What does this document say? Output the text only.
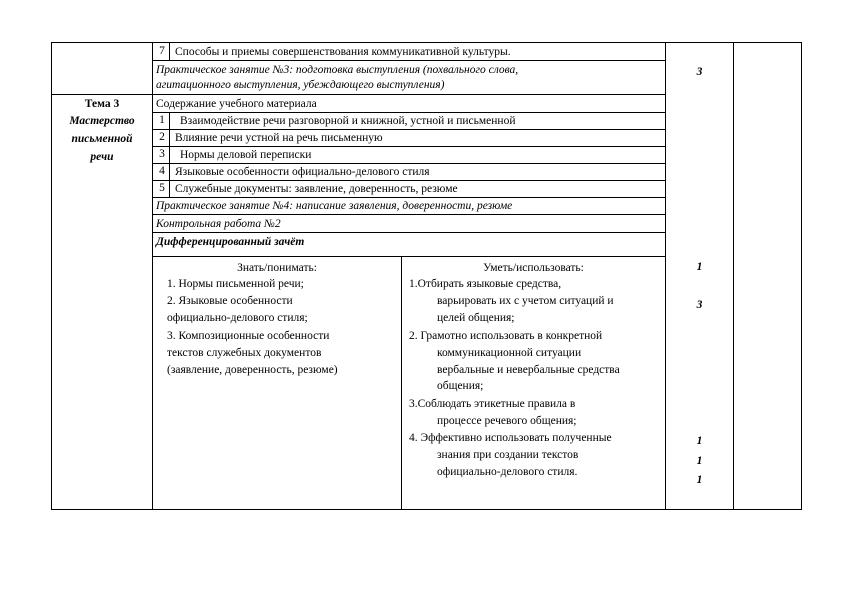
7 Способы и приемы совершенствования коммуникативной культуры.
Практическое занятие №3: подготовка выступления (похвального слова,
агитационного выступления, убеждающего выступления)
3
Тема 3
Мастерство
письменной
речи
Содержание учебного материала
1	Взаимодействие речи разговорной и книжной, устной и письменной
2 Влияние речи устной на речь письменную
3	Нормы деловой переписки
4 Языковые особенности официально-делового стиля
5 Служебные документы: заявление, доверенность, резюме
Практическое занятие №4: написание заявления, доверенности, резюме
Контрольная работа №2
Дифференцированный зачёт
Знать/понимать:
1. Нормы письменной речи;
2. Языковые особенности
официально-делового стиля;
3. Композиционные особенности
текстов служебных документов
(заявление, доверенность, резюме)
Уметь/использовать:
1.Отбирать языковые средства,
варьировать их с учетом ситуаций и
целей общения;
2. Грамотно использовать в конкретной
коммуникационной ситуации
вербальные и невербальные средства
общения;
3.Соблюдать этикетные правила в
процессе речевого общения;
4. Эффективно использовать полученные
знания при создании текстов
официально-делового стиля.
1
3
1
1
1
